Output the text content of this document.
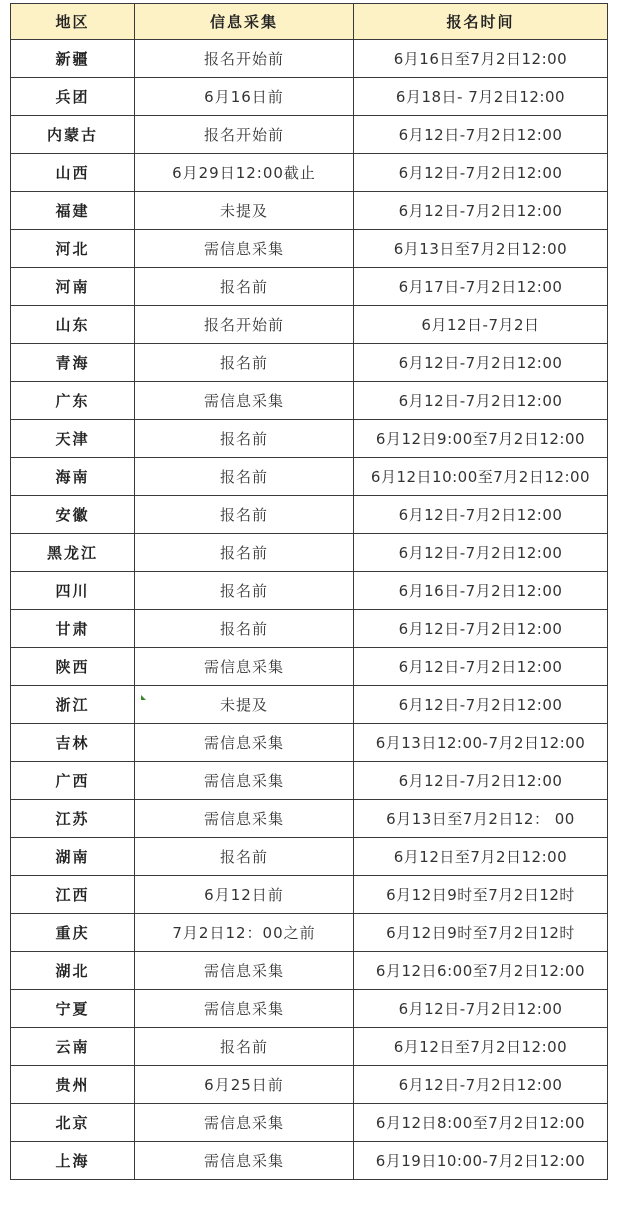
地区	信息采集	报名时间
新疆	报名开始前	6月16日至7月2日12:00
兵团	6月16日前	6月18日- 7月2日12:00
内蒙古	报名开始前	6月12日-7月2日12:00
山西	6月29日12:00截止	6月12日-7月2日12:00
福建	未提及	6月12日-7月2日12:00
河北	需信息采集	6月13日至7月2日12:00
河南	报名前	6月17日-7月2日12:00
山东	报名开始前	6月12日-7月2日
青海	报名前	6月12日-7月2日12:00
广东	需信息采集	6月12日-7月2日12:00
天津	报名前	6月12日9:00至7月2日12:00
海南	报名前	6月12日10:00至7月2日12:00
安徽	报名前	6月12日-7月2日12:00
黑龙江	报名前	6月12日-7月2日12:00
四川	报名前	6月16日-7月2日12:00
甘肃	报名前	6月12日-7月2日12:00
陕西	需信息采集	6月12日-7月2日12:00
浙江	未提及	6月12日-7月2日12:00
吉林	需信息采集	6月13日12:00-7月2日12:00
广西	需信息采集	6月12日-7月2日12:00
江苏	需信息采集	6月13日至7月2日12： 00
湖南	报名前	6月12日至7月2日12:00
江西	6月12日前	6月12日9时至7月2日12时
重庆	7月2日12：00之前	6月12日9时至7月2日12时
湖北	需信息采集	6月12日6:00至7月2日12:00
宁夏	需信息采集	6月12日-7月2日12:00
云南	报名前	6月12日至7月2日12:00
贵州	6月25日前	6月12日-7月2日12:00
北京	需信息采集	6月12日8:00至7月2日12:00
上海	需信息采集	6月19日10:00-7月2日12:00
